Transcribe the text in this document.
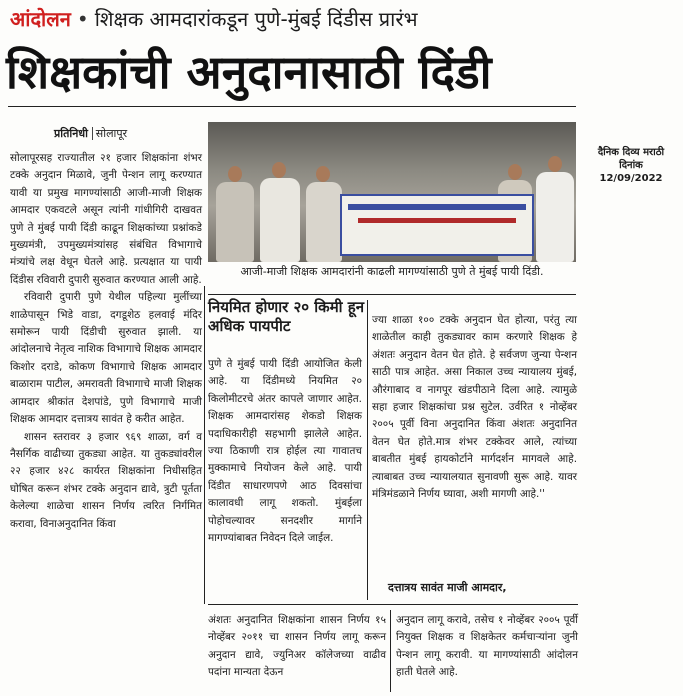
आंदोलन • शिक्षक आमदारांकडून पुणे-मुंबई दिंडीस प्रारंभ
शिक्षकांची अनुदानासाठी दिंडी
प्रतिनिधी सोलापूर
आजी-माजी शिक्षक आमदारांनी काढली मागण्यांसाठी पुणे ते मुंबई पायी दिंडी.
दैनिक दिव्य मराठी
दिनांक
12/09/2022

सोलापूरसह राज्यातील २१ हजार शिक्षकांना शंभर टक्के अनुदान मिळावे, जुनी पेन्शन लागू करण्यात यावी या प्रमुख मागण्यांसाठी आजी-माजी शिक्षक आमदार एकवटले असून त्यांनी गांधीगिरी दाखवत पुणे ते मुंबई पायी दिंडी काढून शिक्षकांच्या प्रश्नांकडे मुख्यमंत्री, उपमुख्यमंत्र्यांसह संबंधित विभागाचे मंत्र्यांचे लक्ष वेधून घेतले आहे. प्रत्यक्षात या पायी दिंडीस रविवारी दुपारी सुरुवात करण्यात आली आहे.

रविवारी दुपारी पुणे येथील पहिल्या मुलींच्या शाळेपासून भिडे वाडा, दगडूशेठ हलवाई मंदिर समोरून पायी दिंडीची सुरुवात झाली. या आंदोलनाचे नेतृत्व नाशिक विभागाचे शिक्षक आमदार किशोर दराडे, कोकण विभागाचे शिक्षक आमदार बाळाराम पाटील, अमरावती विभागाचे माजी शिक्षक आमदार श्रीकांत देशपांडे, पुणे विभागाचे माजी शिक्षक आमदार दत्तात्रय सावंत हे करीत आहेत.

शासन स्तरावर ३ हजार ९६९ शाळा, वर्ग व नैसर्गिक वाढीच्या तुकड्या आहेत. या तुकड्यांवरील २२ हजार ४२८ कार्यरत शिक्षकांना निधीसहित घोषित करून शंभर टक्के अनुदान द्यावे, त्रुटी पूर्तता केलेल्या शाळेचा शासन निर्णय त्वरित निर्गमित करावा, विनाअनुदानित किंवा

नियमित होणार २० किमी हून अधिक पायपीट

पुणे ते मुंबई पायी दिंडी आयोजित केली आहे. या दिंडीमध्ये नियमित २० किलोमीटरचे अंतर कापले जाणार आहेत. शिक्षक आमदारांसह शेकडो शिक्षक पदाधिकारीही सहभागी झालेले आहेत. ज्या ठिकाणी रात्र होईल त्या गावातच मुक्कामाचे नियोजन केले आहे. पायी दिंडीत साधारणपणे आठ दिवसांचा कालावधी लागू शकतो. मुंबईला पोहोचल्यावर सनदशीर मार्गाने मागण्यांबाबत निवेदन दिले जाईल.

ज्या शाळा १०० टक्के अनुदान घेत होत्या, परंतु त्या शाळेतील काही तुकड्यावर काम करणारे शिक्षक हे अंशतः अनुदान वेतन घेत होते. हे सर्वजण जुन्या पेन्शन साठी पात्र आहेत. असा निकाल उच्च न्यायालय मुंबई, औरंगाबाद व नागपूर खंडपीठाने दिला आहे. त्यामुळे सहा हजार शिक्षकांचा प्रश्न सुटेल. उर्वरित १ नोव्हेंबर २००५ पूर्वी विना अनुदानित किंवा अंशतः अनुदानित वेतन घेत होते.मात्र शंभर टक्केवर आले, त्यांच्या बाबतीत मुंबई हायकोर्टाने मार्गदर्शन मागवले आहे. त्याबाबत उच्च न्यायालयात सुनावणी सुरू आहे. यावर मंत्रिमंडळाने निर्णय घ्यावा, अशी मागणी आहे.''

दत्तात्रय सावंत माजी आमदार,

अंशतः अनुदानित शिक्षकांना शासन निर्णय १५ नोव्हेंबर २०११ चा शासन निर्णय लागू करून अनुदान द्यावे, ज्युनिअर कॉलेजच्या वाढीव पदांना मान्यता देऊन

अनुदान लागू करावे, तसेच १ नोव्हेंबर २००५ पूर्वी नियुक्त शिक्षक व शिक्षकेतर कर्मचाऱ्यांना जुनी पेन्शन लागू करावी. या मागण्यांसाठी आंदोलन हाती घेतले आहे.
